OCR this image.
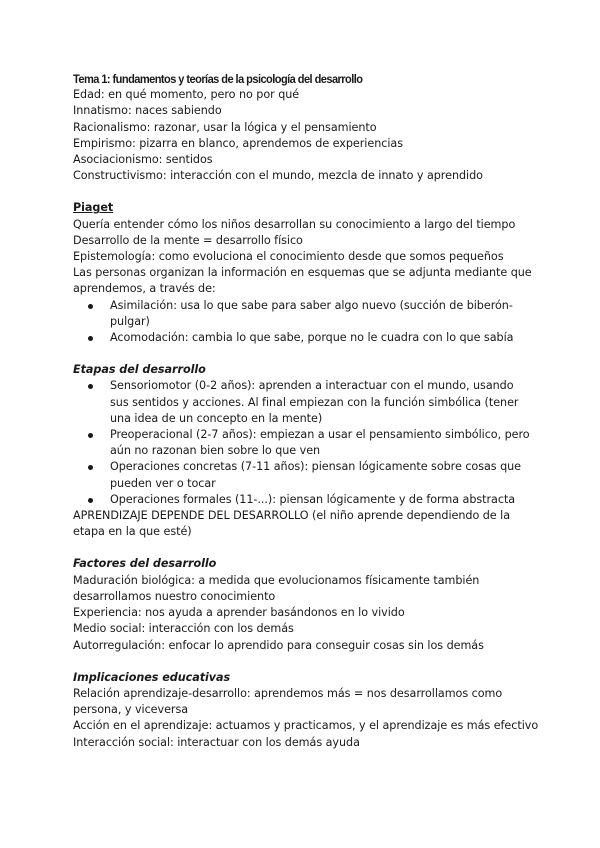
Tema 1: fundamentos y teorías de la psicología del desarrollo

Edad: en qué momento, pero no por qué

Innatismo: naces sabiendo

Racionalismo: razonar, usar la lógica y el pensamiento

Empirismo: pizarra en blanco, aprendemos de experiencias

Asociacionismo: sentidos

Constructivismo: interacción con el mundo, mezcla de innato y aprendido

Piaget

Quería entender cómo los niños desarrollan su conocimiento a largo del tiempo

Desarrollo de la mente = desarrollo físico

Epistemología: como evoluciona el conocimiento desde que somos pequeños

Las personas organizan la información en esquemas que se adjunta mediante que aprendemos, a través de:

Asimilación: usa lo que sabe para saber algo nuevo (succión de biberón-pulgar)
Acomodación: cambia lo que sabe, porque no le cuadra con lo que sabía

Etapas del desarrollo

Sensoriomotor (0-2 años): aprenden a interactuar con el mundo, usando sus sentidos y acciones. Al final empiezan con la función simbólica (tener una idea de un concepto en la mente)
Preoperacional (2-7 años): empiezan a usar el pensamiento simbólico, pero aún no razonan bien sobre lo que ven
Operaciones concretas (7-11 años): piensan lógicamente sobre cosas que pueden ver o tocar
Operaciones formales (11-...): piensan lógicamente y de forma abstracta

APRENDIZAJE DEPENDE DEL DESARROLLO (el niño aprende dependiendo de la etapa en la que esté)

Factores del desarrollo

Maduración biológica: a medida que evolucionamos físicamente también desarrollamos nuestro conocimiento

Experiencia: nos ayuda a aprender basándonos en lo vivido

Medio social: interacción con los demás

Autorregulación: enfocar lo aprendido para conseguir cosas sin los demás

Implicaciones educativas

Relación aprendizaje-desarrollo: aprendemos más = nos desarrollamos como persona, y viceversa

Acción en el aprendizaje: actuamos y practicamos, y el aprendizaje es más efectivo

Interacción social: interactuar con los demás ayuda
